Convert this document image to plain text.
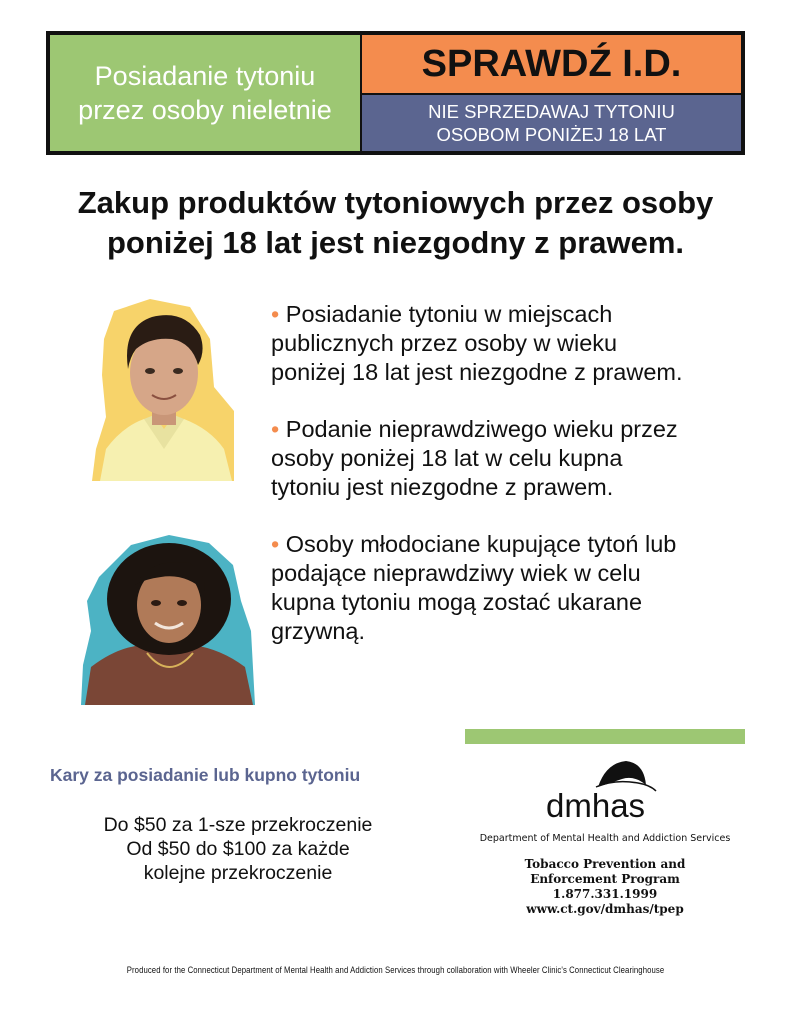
Posiadanie tytoniu
przez osoby nieletnie
SPRAWDŹ I.D.
NIE SPRZEDAWAJ TYTONIU
OSOBOM PONIŻEJ 18 LAT
Zakup produktów tytoniowych przez osoby
poniżej 18 lat jest niezgodny z prawem.
• Posiadanie tytoniu w miejscach
publicznych przez osoby w wieku
poniżej 18 lat jest niezgodne z prawem.
• Podanie nieprawdziwego wieku przez
osoby poniżej 18 lat w celu kupna
tytoniu jest niezgodne z prawem.
• Osoby młodociane kupujące tytoń lub
podające nieprawdziwy wiek w celu
kupna tytoniu mogą zostać ukarane
grzywną.
Kary za posiadanie lub kupno tytoniu
Do $50 za 1-sze przekroczenie
Od $50 do $100 za każde
kolejne przekroczenie
dmhas
Department of Mental Health and Addiction Services
Tobacco Prevention and
Enforcement Program
1.877.331.1999
www.ct.gov/dmhas/tpep
Produced for the Connecticut Department of Mental Health and Addiction Services through collaboration with Wheeler Clinic's Connecticut Clearinghouse
